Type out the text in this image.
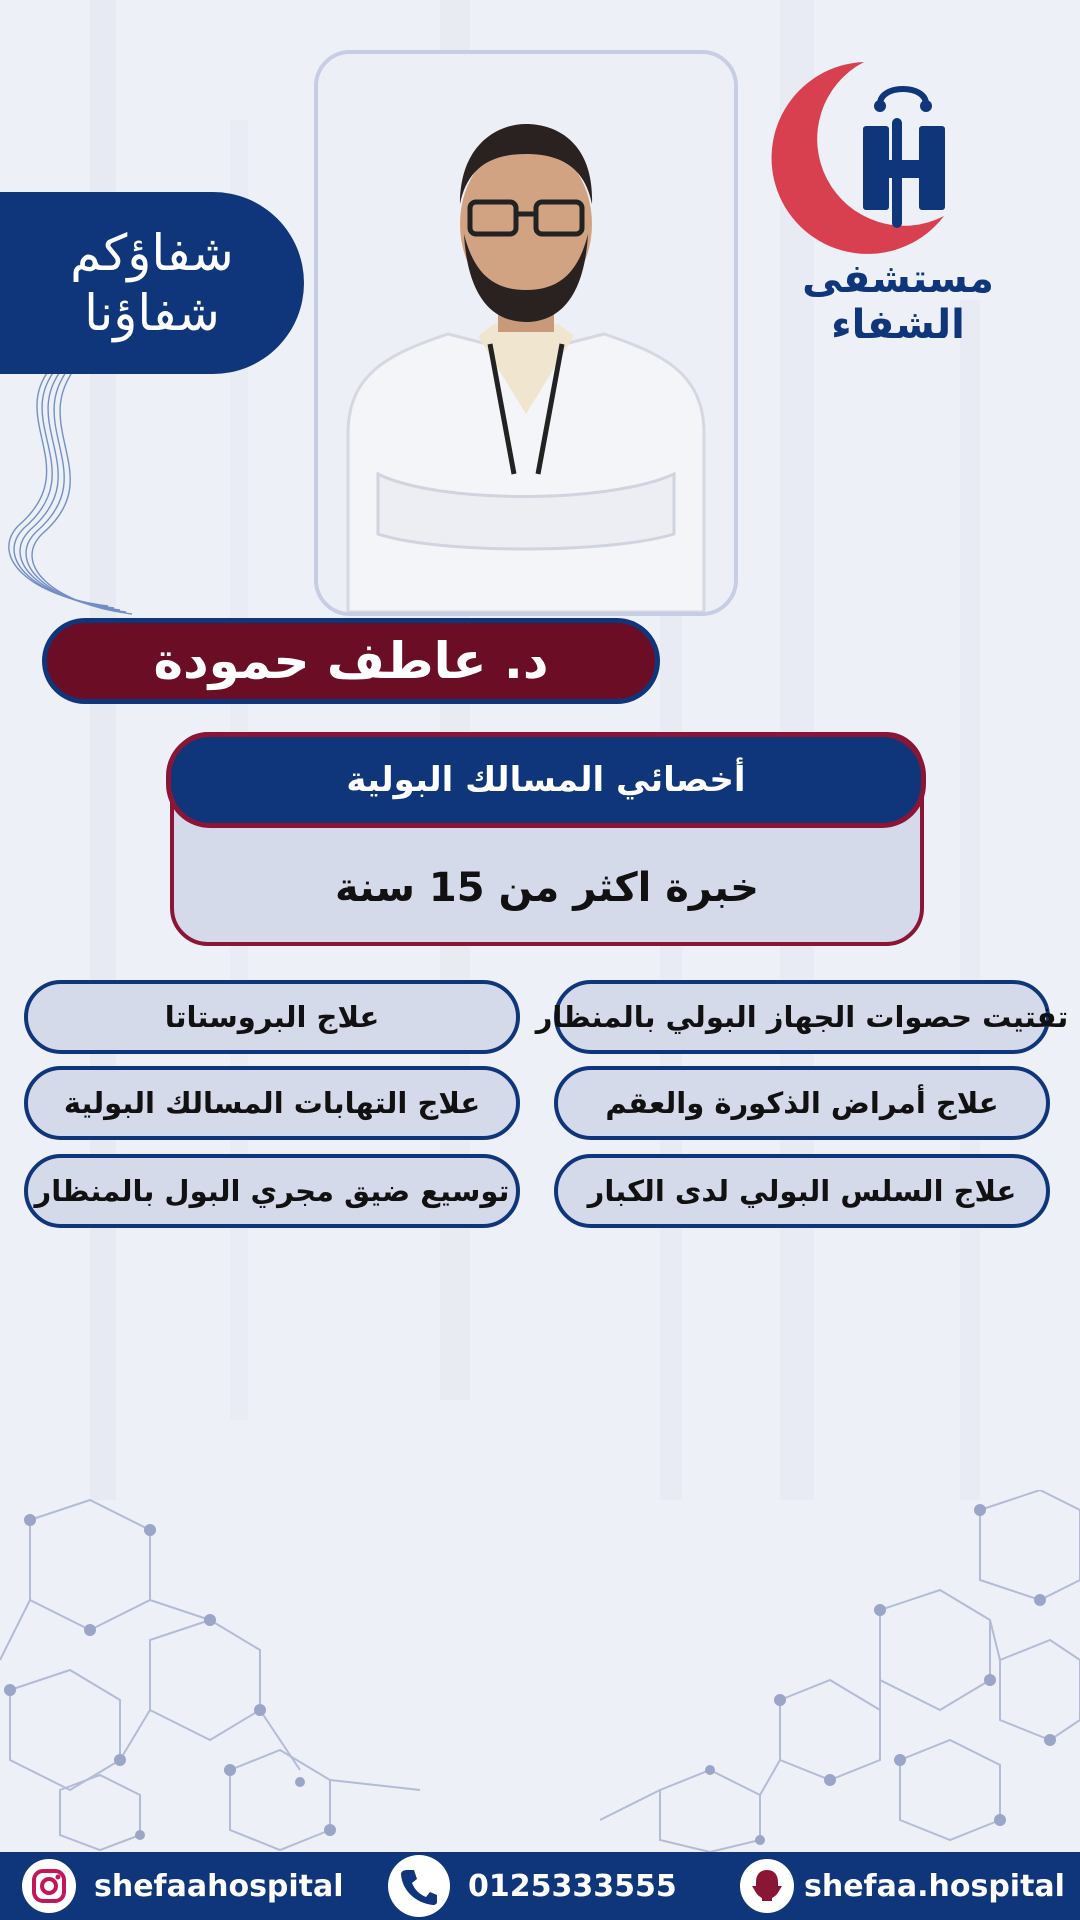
شفاؤكم
شفاؤنا
مستشفى الشفاء
د. عاطف حمودة
أخصائي المسالك البولية
خبرة اكثر من 15 سنة
تفتيت حصوات الجهاز البولي بالمنظار
علاج البروستاتا
علاج أمراض الذكورة والعقم
علاج التهابات المسالك البولية
علاج السلس البولي لدى الكبار
توسيع ضيق مجري البول بالمنظار
shefaahospital	0125333555	shefaa.hospital
